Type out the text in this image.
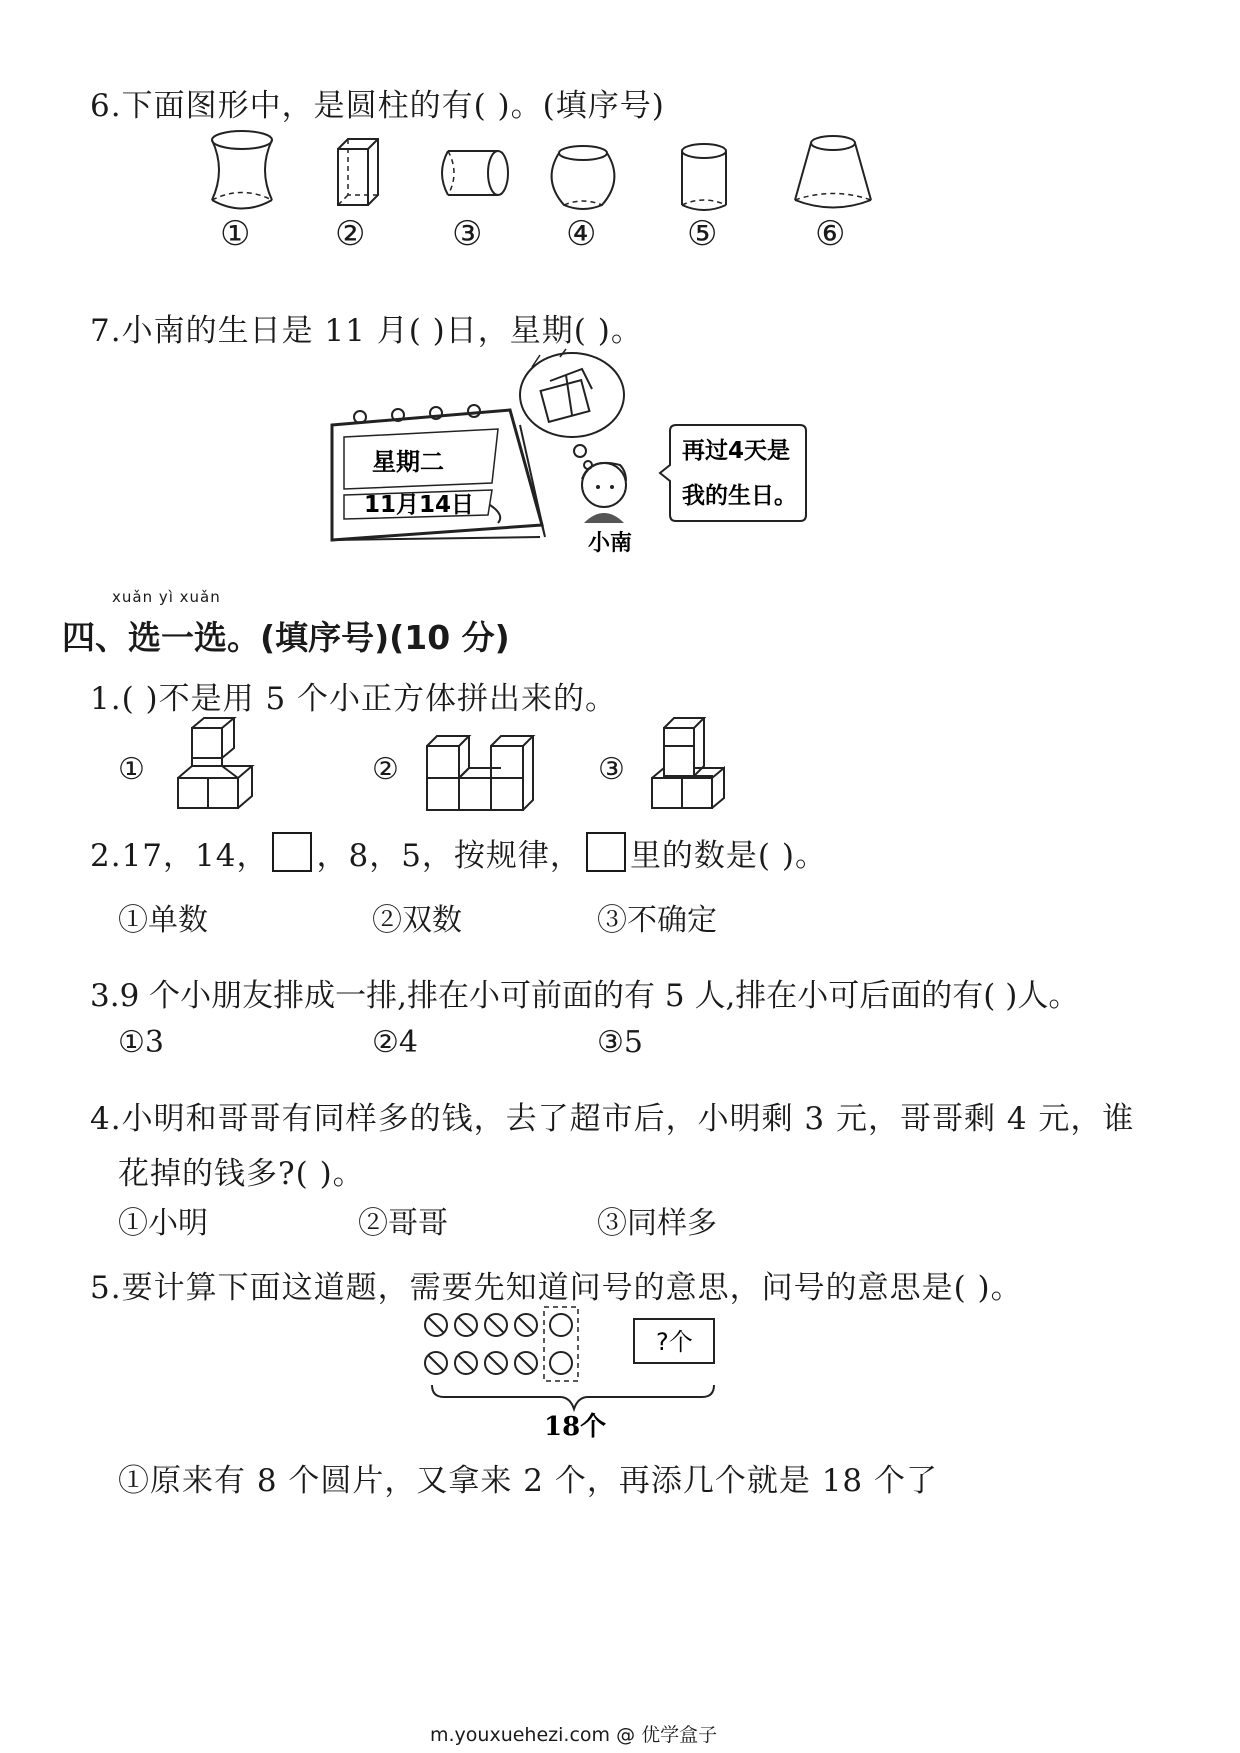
6.下面图形中，是圆柱的有( )。(填序号)
① ②	③ ④	⑤	⑥
7.小南的生日是 11 月( )日，星期( )。
星期二
11月14日
小南
再过4天是
我的生日。
xuǎn yì xuǎn
四、选一选。(填序号)(10 分)
1.( )不是用 5 个小正方体拼出来的。
①	②	③
2.17，14， ，8，5，按规律， 里的数是( )。
①单数	②双数	③不确定
3.9 个小朋友排成一排,排在小可前面的有 5 人,排在小可后面的有( )人。
①3	②4	③5
4.小明和哥哥有同样多的钱，去了超市后，小明剩 3 元，哥哥剩 4 元，谁
花掉的钱多?( )。
①小明	②哥哥	③同样多
5.要计算下面这道题，需要先知道问号的意思，问号的意思是( )。
?个
18个
①原来有 8 个圆片，又拿来 2 个，再添几个就是 18 个了
m.youxuehezi.com @ 优学盒子
